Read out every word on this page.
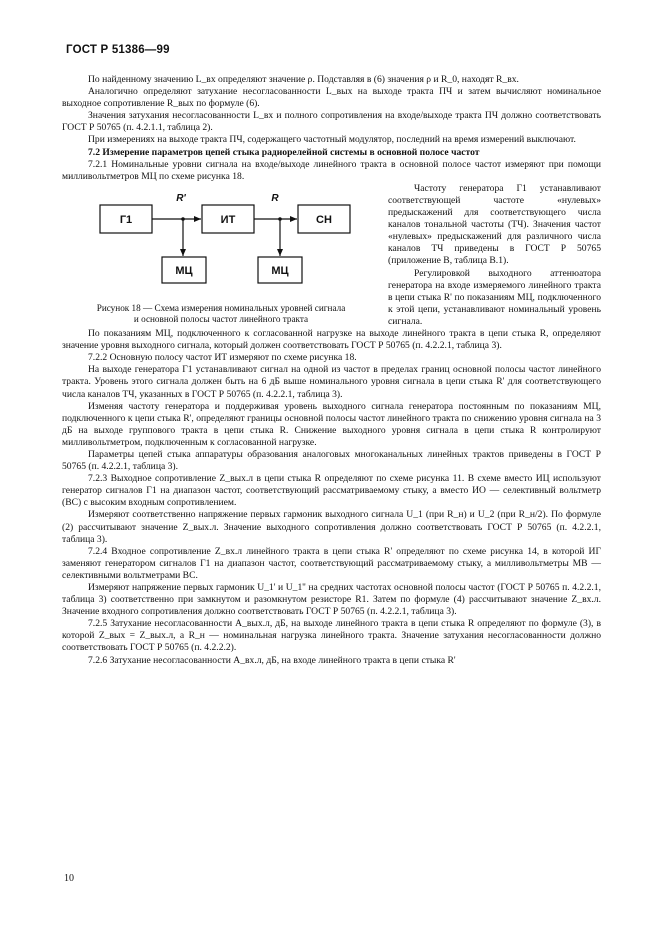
ГОСТ Р 51386—99

По найденному значению L_вх определяют значение ρ. Подставляя в (6) значения ρ и R_0, находят R_вх.

Аналогично определяют затухание несогласованности L_вых на выходе тракта ПЧ и затем вычисляют номинальное выходное сопротивление R_вых по формуле (6).

Значения затухания несогласованности L_вх и полного сопротивления на входе/выходе тракта ПЧ должно соответствовать ГОСТ Р 50765 (п. 4.2.1.1, таблица 2).

При измерениях на выходе тракта ПЧ, содержащего частотный модулятор, последний на время измерений выключают.

7.2 Измерение параметров цепей стыка радиорелейной системы в основной полосе частот

7.2.1 Номинальные уровни сигнала на входе/выходе линейного тракта в основной полосе частот измеряют при помощи милливольтметров МЦ по схеме рисунка 18.

Г1	ИТ	СН
МЦ	МЦ
R'	R
Рисунок 18 — Схема измерения номинальных уровней сигнала
и основной полосы частот линейного тракта

Частоту генератора Г1 устанавливают соответствующей частоте «нулевых» предыскажений для соответствующего числа каналов тональной частоты (ТЧ). Значения частот «нулевых» предыскажений для различного числа каналов ТЧ приведены в ГОСТ Р 50765 (приложение В, таблица В.1).

Регулировкой выходного аттенюатора генератора на входе измеряемого линейного тракта в цепи стыка R' по показаниям МЦ, подключенного к этой цепи, устанавливают номинальный уровень сигнала.

По показаниям МЦ, подключенного к согласованной нагрузке на выходе линейного тракта в цепи стыка R, определяют значение уровня выходного сигнала, который должен соответствовать ГОСТ Р 50765 (п. 4.2.2.1, таблица 3).

7.2.2 Основную полосу частот ИТ измеряют по схеме рисунка 18.

На выходе генератора Г1 устанавливают сигнал на одной из частот в пределах границ основной полосы частот линейного тракта. Уровень этого сигнала должен быть на 6 дБ выше номинального уровня сигнала в цепи стыка R' для соответствующего числа каналов ТЧ, указанных в ГОСТ Р 50765 (п. 4.2.2.1, таблица 3).

Изменяя частоту генератора и поддерживая уровень выходного сигнала генератора постоянным по показаниям МЦ, подключенного к цепи стыка R', определяют границы основной полосы частот линейного тракта по снижению уровня сигнала на 3 дБ на выходе группового тракта в цепи стыка R. Снижение выходного уровня сигнала в цепи стыка R контролируют милливольтметром, подключенным к согласованной нагрузке.

Параметры цепей стыка аппаратуры образования аналоговых многоканальных линейных трактов приведены в ГОСТ Р 50765 (п. 4.2.2.1, таблица 3).

7.2.3 Выходное сопротивление Z_вых.л в цепи стыка R определяют по схеме рисунка 11. В схеме вместо ИЦ используют генератор сигналов Г1 на диапазон частот, соответствующий рассматриваемому стыку, а вместо ИО — селективный вольтметр (ВС) с высоким входным сопротивлением.

Измеряют соответственно напряжение первых гармоник выходного сигнала U_1 (при R_н) и U_2 (при R_н/2). По формуле (2) рассчитывают значение Z_вых.л. Значение выходного сопротивления должно соответствовать ГОСТ Р 50765 (п. 4.2.2.1, таблица 3).

7.2.4 Входное сопротивление Z_вх.л линейного тракта в цепи стыка R' определяют по схеме рисунка 14, в которой ИГ заменяют генератором сигналов Г1 на диапазон частот, соответствующий рассматриваемому стыку, а милливольтметры МВ — селективными вольтметрами ВС.

Измеряют напряжение первых гармоник U_1' и U_1'' на средних частотах основной полосы частот (ГОСТ Р 50765 п. 4.2.2.1, таблица 3) соответственно при замкнутом и разомкнутом резисторе R1. Затем по формуле (4) рассчитывают значение Z_вх.л. Значение входного сопротивления должно соответствовать ГОСТ Р 50765 (п. 4.2.2.1, таблица 3).

7.2.5 Затухание несогласованности A_вых.л, дБ, на выходе линейного тракта в цепи стыка R определяют по формуле (3), в которой Z_вых = Z_вых.л, а R_н — номинальная нагрузка линейного тракта. Значение затухания несогласованности должно соответствовать ГОСТ Р 50765 (п. 4.2.2.2).

7.2.6 Затухание несогласованности A_вх.л, дБ, на входе линейного тракта в цепи стыка R'

10
